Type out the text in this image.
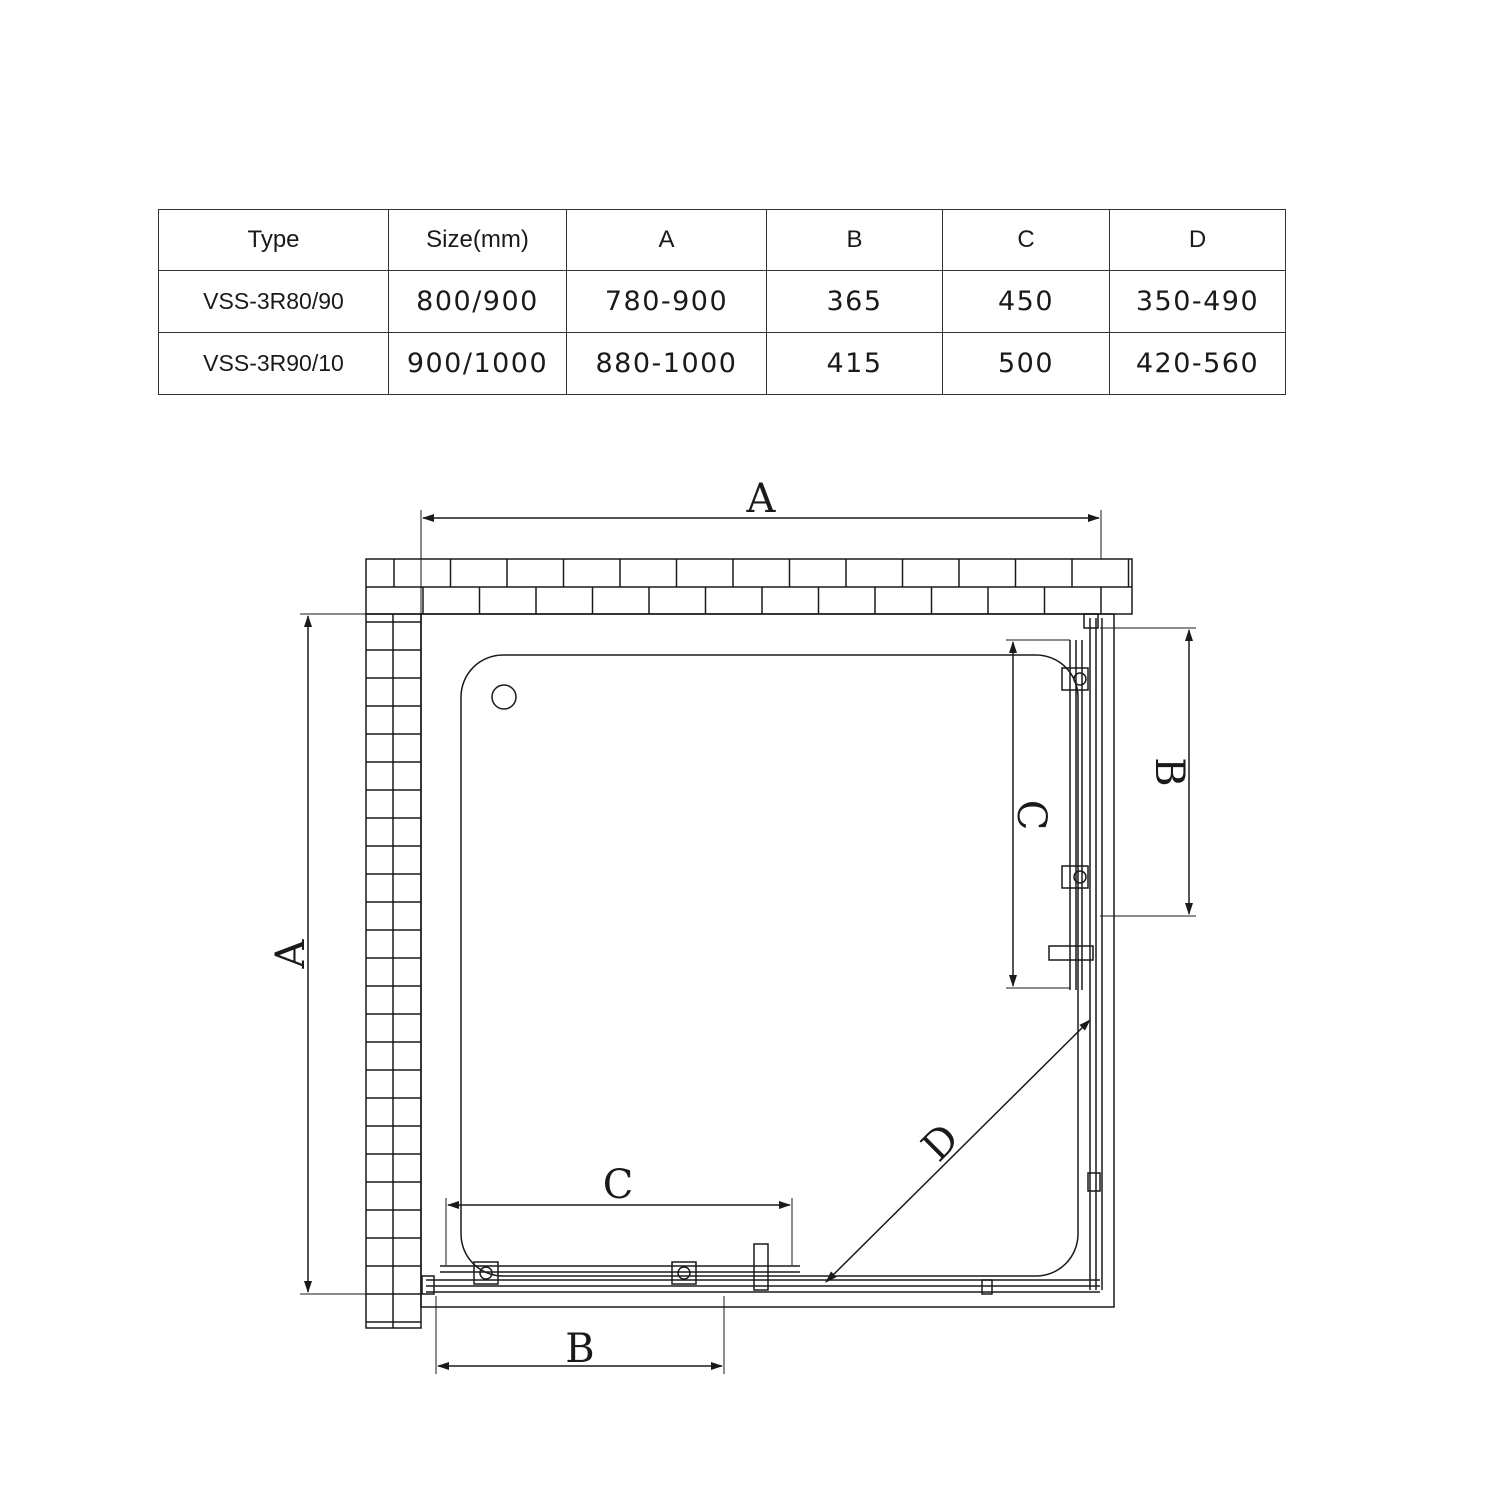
Type	Size(mm)	A	B	C	D
VSS-3R80/90	800/900	780-900	365	450	350-490
VSS-3R90/10	900/1000	880-1000	415	500	420-560
A
A
B
C
C
B
D
